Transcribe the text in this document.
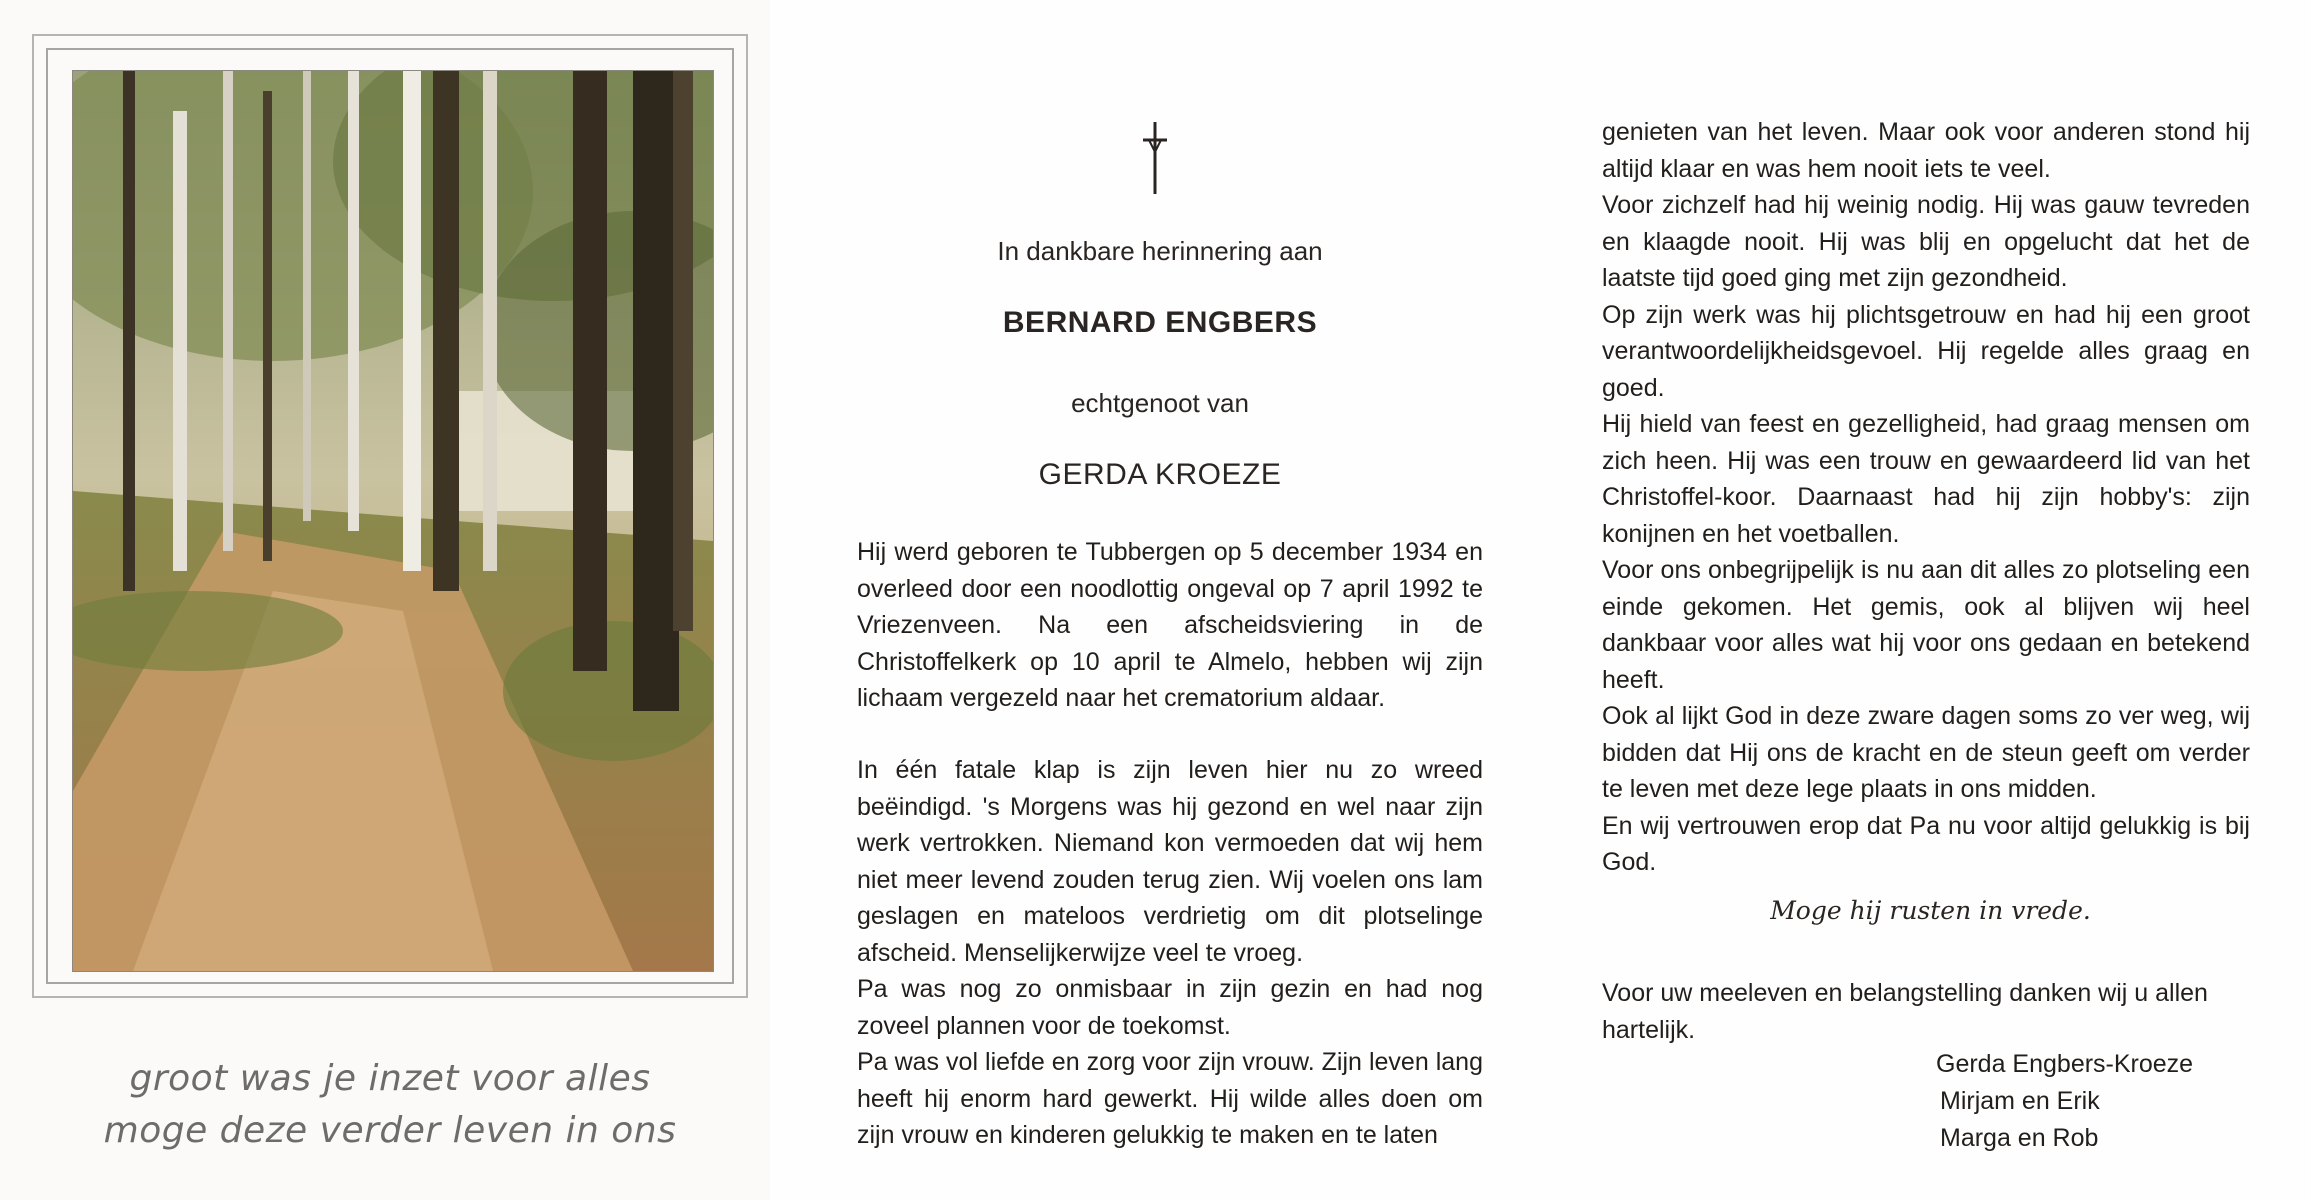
groot was je inzet voor alles
moge deze verder leven in ons
In dankbare herinnering aan
BERNARD ENGBERS
echtgenoot van
GERDA KROEZE

Hij werd geboren te Tubbergen op 5 december 1934 en overleed door een noodlottig ongeval op 7 april 1992 te Vriezenveen. Na een afscheidsviering in de Christoffelkerk op 10 april te Almelo, hebben wij zijn lichaam vergezeld naar het crematorium aldaar.

In één fatale klap is zijn leven hier nu zo wreed beëindigd. 's Morgens was hij gezond en wel naar zijn werk vertrokken. Niemand kon vermoeden dat wij hem niet meer levend zouden terug zien. Wij voelen ons lam geslagen en mateloos verdrietig om dit plotselinge afscheid. Menselijkerwijze veel te vroeg.

Pa was nog zo onmisbaar in zijn gezin en had nog zoveel plannen voor de toekomst.

Pa was vol liefde en zorg voor zijn vrouw. Zijn leven lang heeft hij enorm hard gewerkt. Hij wilde alles doen om zijn vrouw en kinderen gelukkig te maken en te laten

genieten van het leven. Maar ook voor anderen stond hij altijd klaar en was hem nooit iets te veel.

Voor zichzelf had hij weinig nodig. Hij was gauw tevreden en klaagde nooit. Hij was blij en opgelucht dat het de laatste tijd goed ging met zijn gezondheid.

Op zijn werk was hij plichtsgetrouw en had hij een groot verantwoordelijkheidsgevoel. Hij regelde alles graag en goed.

Hij hield van feest en gezelligheid, had graag mensen om zich heen. Hij was een trouw en gewaardeerd lid van het Christoffel-koor. Daarnaast had hij zijn hobby's: zijn konijnen en het voetballen.

Voor ons onbegrijpelijk is nu aan dit alles zo plotseling een einde gekomen. Het gemis, ook al blijven wij heel dankbaar voor alles wat hij voor ons gedaan en betekend heeft.

Ook al lijkt God in deze zware dagen soms zo ver weg, wij bidden dat Hij ons de kracht en de steun geeft om verder te leven met deze lege plaats in ons midden.

En wij vertrouwen erop dat Pa nu voor altijd gelukkig is bij God.

Moge hij rusten in vrede.

Voor uw meeleven en belangstelling danken wij u allen hartelijk.

Gerda Engbers-Kroeze
Mirjam en Erik
Marga en Rob
